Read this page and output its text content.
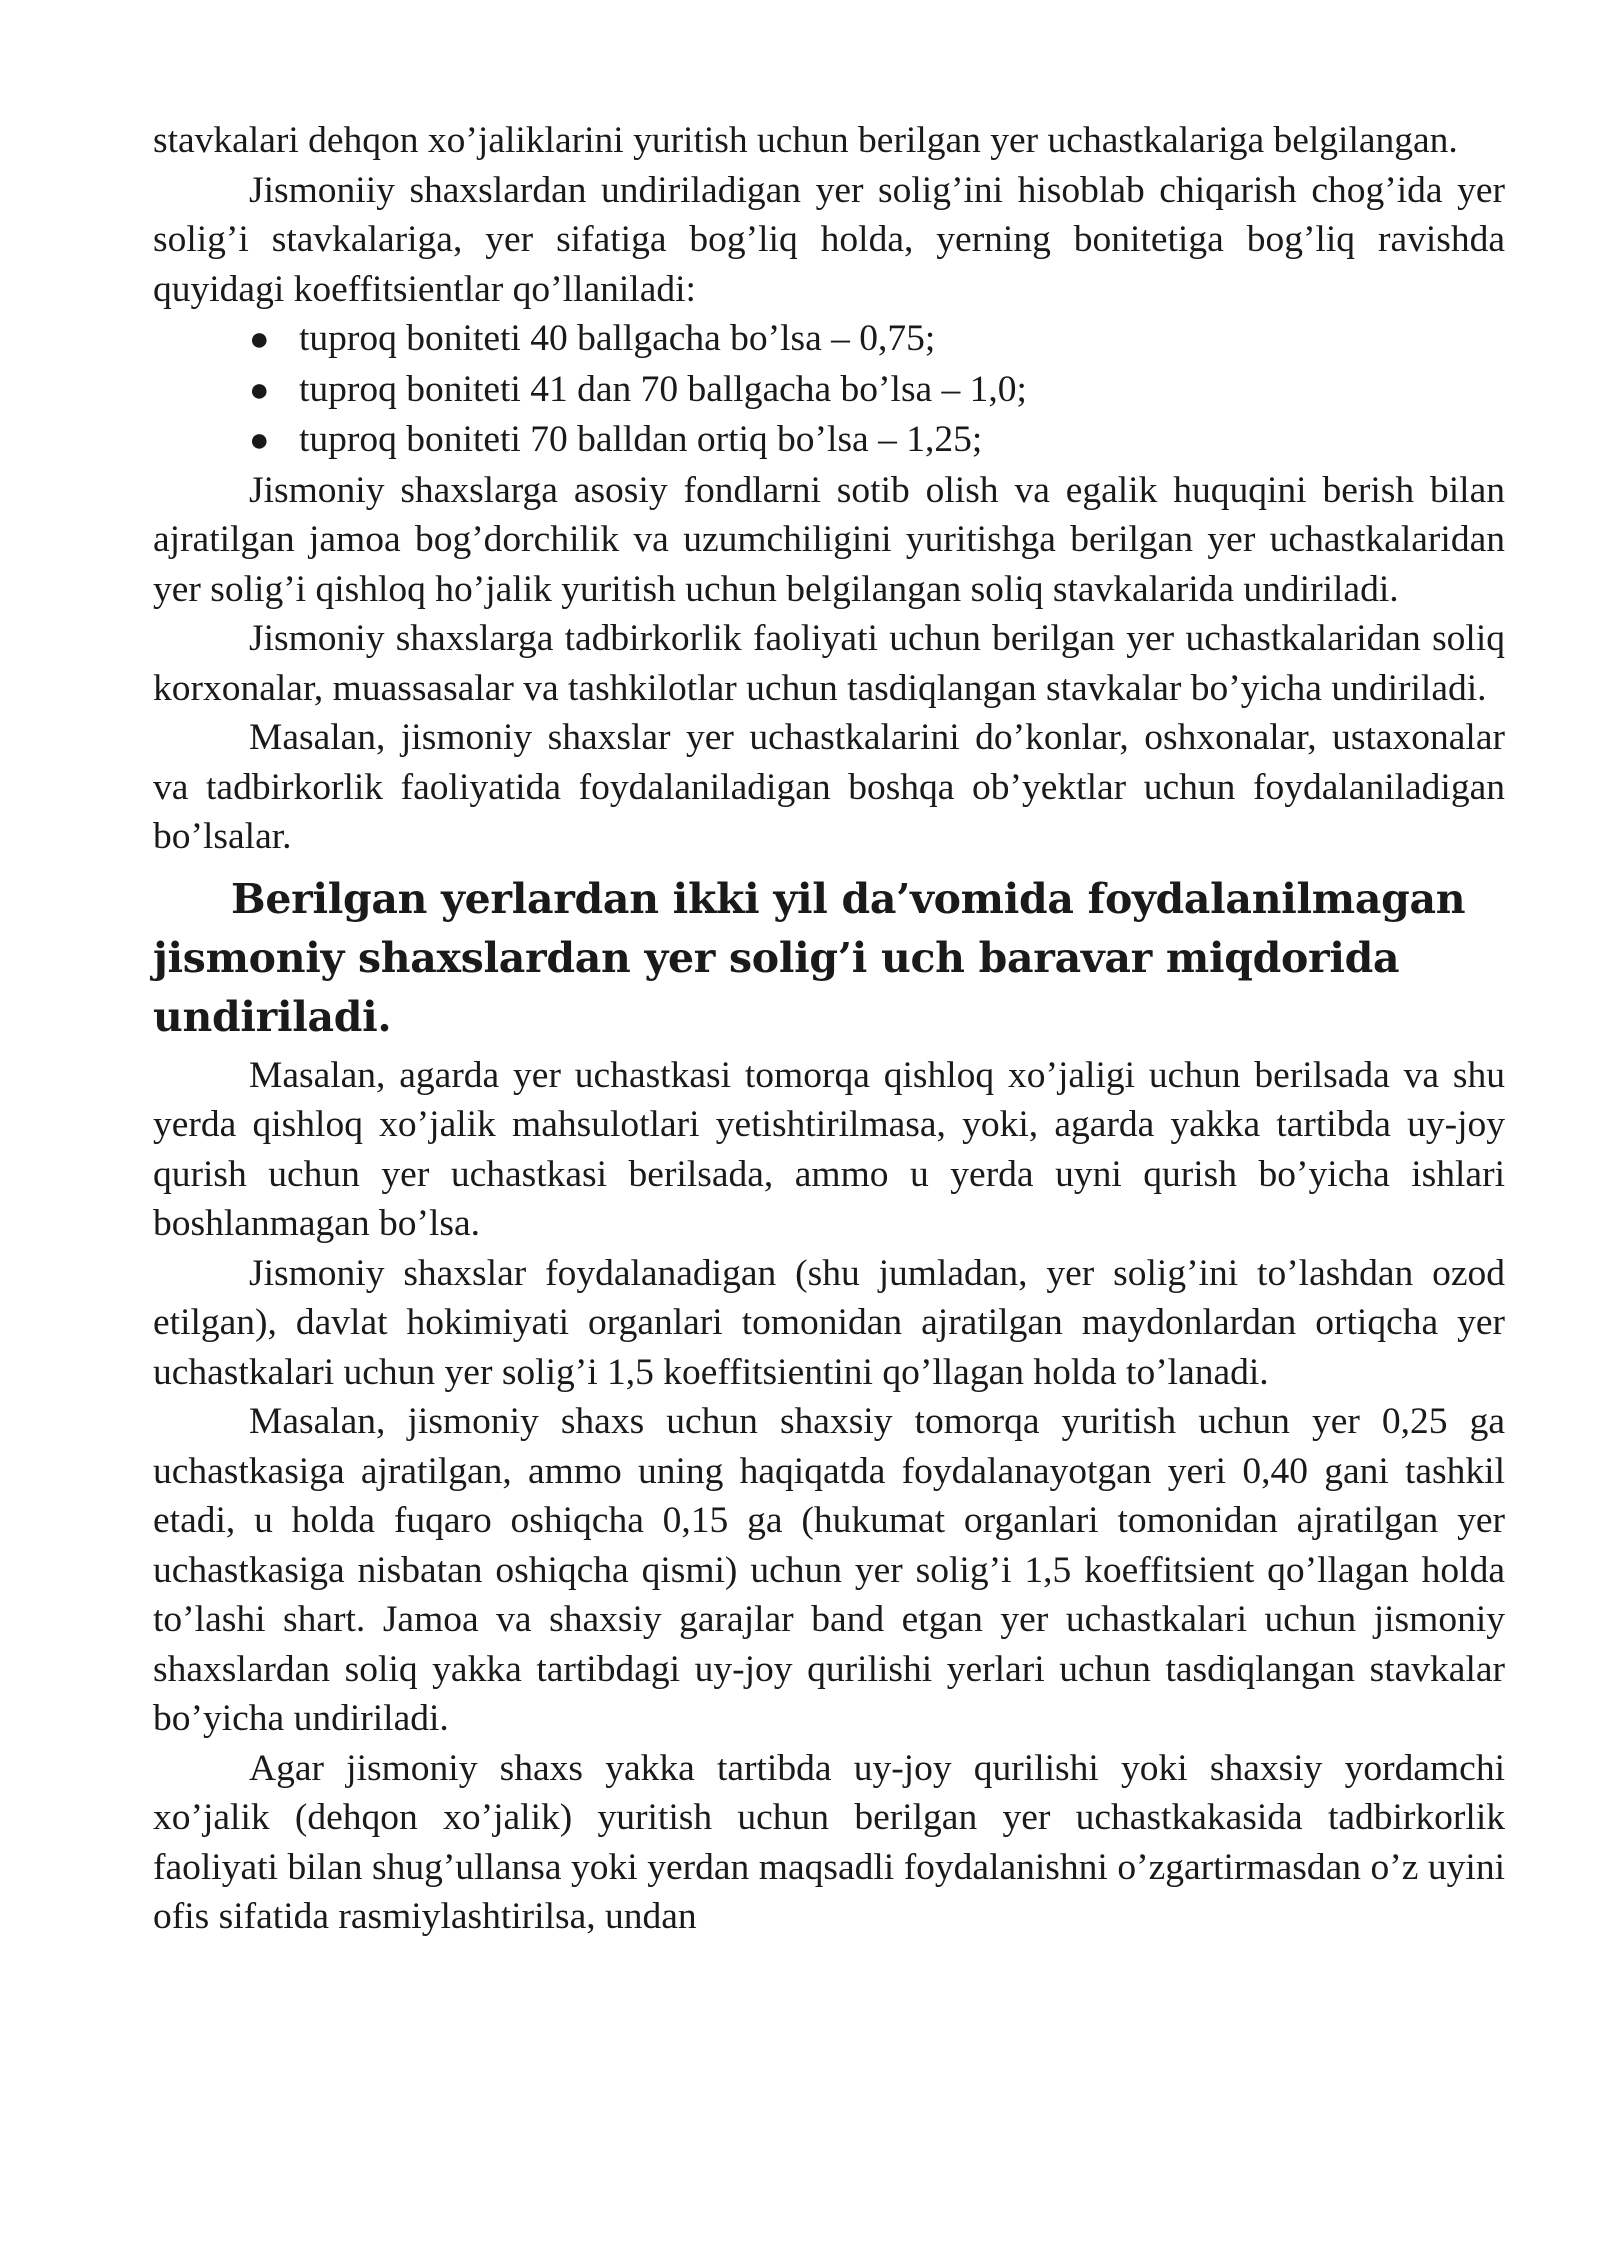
stavkalari dehqon xo’jaliklarini yuritish uchun berilgan yer uchastkalariga belgilangan.

Jismoniiy shaxslardan undiriladigan yer solig’ini hisoblab chiqarish chog’ida yer solig’i stavkalariga, yer sifatiga bog’liq holda, yerning bonitetiga bog’liq ravishda quyidagi koeffitsientlar qo’llaniladi:

● tuproq boniteti 40 ballgacha bo’lsa – 0,75;
● tuproq boniteti 41 dan 70 ballgacha bo’lsa – 1,0;
● tuproq boniteti 70 balldan ortiq bo’lsa – 1,25;

Jismoniy shaxslarga asosiy fondlarni sotib olish va egalik huquqini berish bilan ajratilgan jamoa bog’dorchilik va uzumchiligini yuritishga berilgan yer uchastkalaridan yer solig’i qishloq ho’jalik yuritish uchun belgilangan soliq stavkalarida undiriladi.

Jismoniy shaxslarga tadbirkorlik faoliyati uchun berilgan yer uchastkalaridan soliq korxonalar, muassasalar va tashkilotlar uchun tasdiqlangan stavkalar bo’yicha undiriladi.

Masalan, jismoniy shaxslar yer uchastkalarini do’konlar, oshxonalar, ustaxonalar va tadbirkorlik faoliyatida foydalaniladigan boshqa ob’yektlar uchun foydalaniladigan bo’lsalar.

Berilgan yerlardan ikki yil da’vomida foydalanilmagan jismoniy shaxslardan yer solig’i uch baravar miqdorida undiriladi.

Masalan, agarda yer uchastkasi tomorqa qishloq xo’jaligi uchun berilsada va shu yerda qishloq xo’jalik mahsulotlari yetishtirilmasa, yoki, agarda yakka tartibda uy-joy qurish uchun yer uchastkasi berilsada, ammo u yerda uyni qurish bo’yicha ishlari boshlanmagan bo’lsa.

Jismoniy shaxslar foydalanadigan (shu jumladan, yer solig’ini to’lashdan ozod etilgan), davlat hokimiyati organlari tomonidan ajratilgan maydonlardan ortiqcha yer uchastkalari uchun yer solig’i 1,5 koeffitsientini qo’llagan holda to’lanadi.

Masalan, jismoniy shaxs uchun shaxsiy tomorqa yuritish uchun yer 0,25 ga uchastkasiga ajratilgan, ammo uning haqiqatda foydalanayotgan yeri 0,40 gani tashkil etadi, u holda fuqaro oshiqcha 0,15 ga (hukumat organlari tomonidan ajratilgan yer uchastkasiga nisbatan oshiqcha qismi) uchun yer solig’i 1,5 koeffitsient qo’llagan holda to’lashi shart. Jamoa va shaxsiy garajlar band etgan yer uchastkalari uchun jismoniy shaxslardan soliq yakka tartibdagi uy-joy qurilishi yerlari uchun tasdiqlangan stavkalar bo’yicha undiriladi.

Agar jismoniy shaxs yakka tartibda uy-joy qurilishi yoki shaxsiy yordamchi xo’jalik (dehqon xo’jalik) yuritish uchun berilgan yer uchastkakasida tadbirkorlik faoliyati bilan shug’ullansa yoki yerdan maqsadli foydalanishni o’zgartirmasdan o’z uyini ofis sifatida rasmiylashtirilsa, undan
